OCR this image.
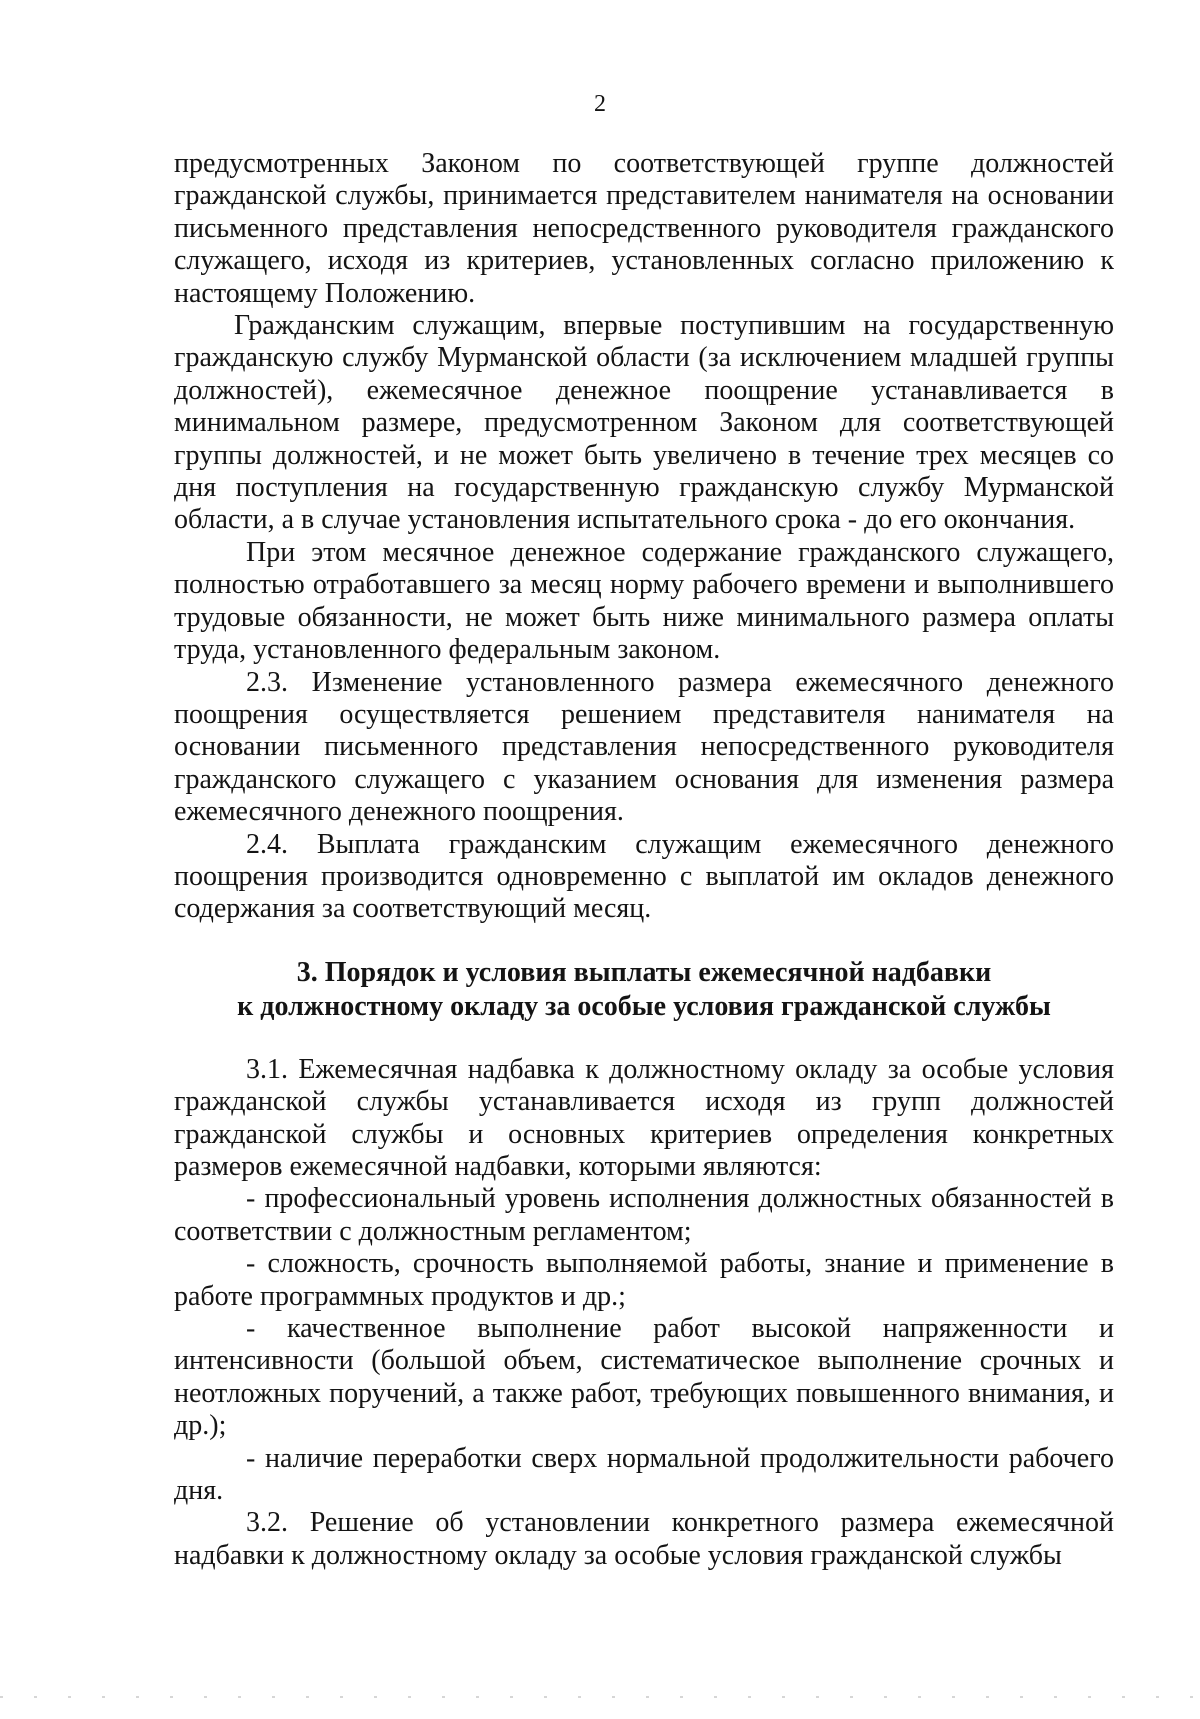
2

предусмотренных Законом по соответствующей группе должностей гражданской службы, принимается представителем нанимателя на основании письменного представления непосредственного руководителя гражданского служащего, исходя из критериев, установленных согласно приложению к настоящему Положению.

Гражданским служащим, впервые поступившим на государственную гражданскую службу Мурманской области (за исключением младшей группы должностей), ежемесячное денежное поощрение устанавливается в минимальном размере, предусмотренном Законом для соответствующей группы должностей, и не может быть увеличено в течение трех месяцев со дня поступления на государственную гражданскую службу Мурманской области, а в случае установления испытательного срока - до его окончания.

При этом месячное денежное содержание гражданского служащего, полностью отработавшего за месяц норму рабочего времени и выполнившего трудовые обязанности, не может быть ниже минимального размера оплаты труда, установленного федеральным законом.

2.3. Изменение установленного размера ежемесячного денежного поощрения осуществляется решением представителя нанимателя на основании письменного представления непосредственного руководителя гражданского служащего с указанием основания для изменения размера ежемесячного денежного поощрения.

2.4. Выплата гражданским служащим ежемесячного денежного поощрения производится одновременно с выплатой им окладов денежного содержания за соответствующий месяц.

3. Порядок и условия выплаты ежемесячной надбавки
к должностному окладу за особые условия гражданской службы

3.1. Ежемесячная надбавка к должностному окладу за особые условия гражданской службы устанавливается исходя из групп должностей гражданской службы и основных критериев определения конкретных размеров ежемесячной надбавки, которыми являются:

- профессиональный уровень исполнения должностных обязанностей в соответствии с должностным регламентом;

- сложность, срочность выполняемой работы, знание и применение в работе программных продуктов и др.;

- качественное выполнение работ высокой напряженности и интенсивности (большой объем, систематическое выполнение срочных и неотложных поручений, а также работ, требующих повышенного внимания, и др.);

- наличие переработки сверх нормальной продолжительности рабочего дня.

3.2. Решение об установлении конкретного размера ежемесячной надбавки к должностному окладу за особые условия гражданской службы
